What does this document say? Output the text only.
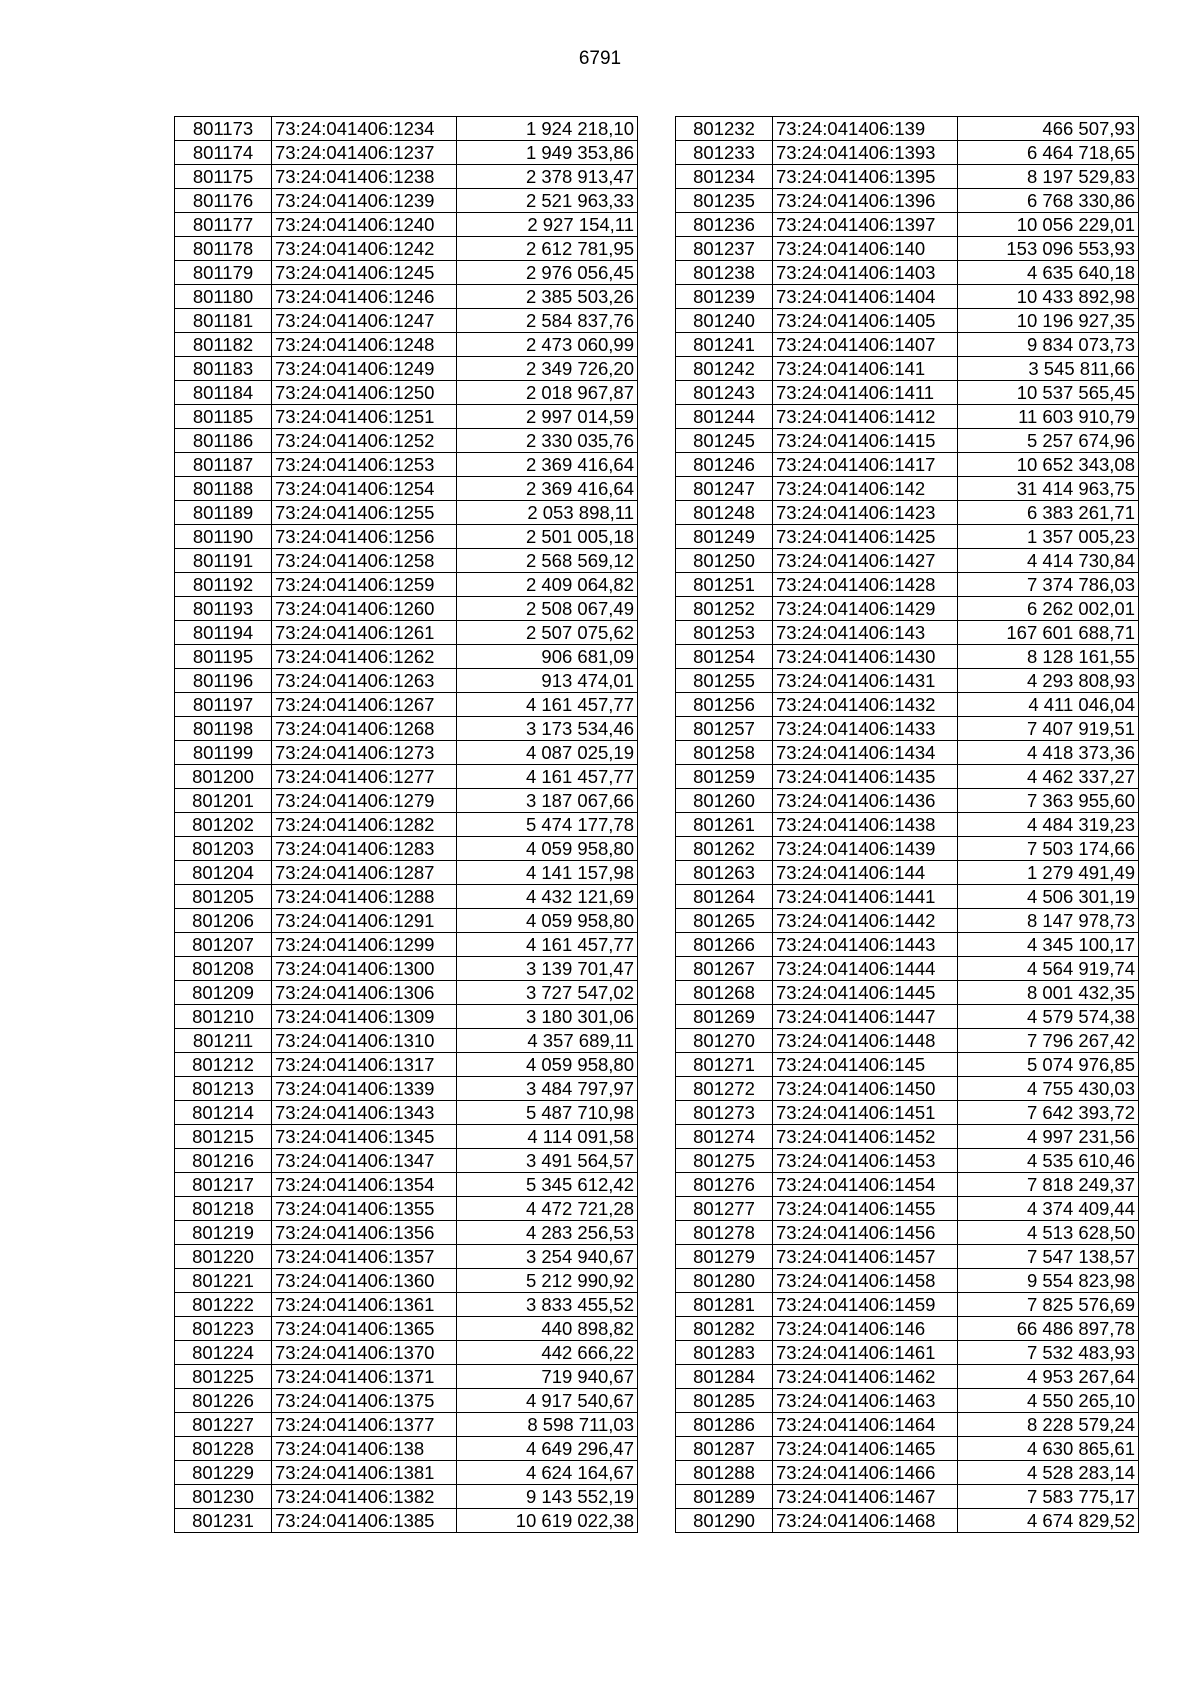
6791
801173	73:24:041406:1234	1 924 218,10
801174	73:24:041406:1237	1 949 353,86
801175	73:24:041406:1238	2 378 913,47
801176	73:24:041406:1239	2 521 963,33
801177	73:24:041406:1240	2 927 154,11
801178	73:24:041406:1242	2 612 781,95
801179	73:24:041406:1245	2 976 056,45
801180	73:24:041406:1246	2 385 503,26
801181	73:24:041406:1247	2 584 837,76
801182	73:24:041406:1248	2 473 060,99
801183	73:24:041406:1249	2 349 726,20
801184	73:24:041406:1250	2 018 967,87
801185	73:24:041406:1251	2 997 014,59
801186	73:24:041406:1252	2 330 035,76
801187	73:24:041406:1253	2 369 416,64
801188	73:24:041406:1254	2 369 416,64
801189	73:24:041406:1255	2 053 898,11
801190	73:24:041406:1256	2 501 005,18
801191	73:24:041406:1258	2 568 569,12
801192	73:24:041406:1259	2 409 064,82
801193	73:24:041406:1260	2 508 067,49
801194	73:24:041406:1261	2 507 075,62
801195	73:24:041406:1262	906 681,09
801196	73:24:041406:1263	913 474,01
801197	73:24:041406:1267	4 161 457,77
801198	73:24:041406:1268	3 173 534,46
801199	73:24:041406:1273	4 087 025,19
801200	73:24:041406:1277	4 161 457,77
801201	73:24:041406:1279	3 187 067,66
801202	73:24:041406:1282	5 474 177,78
801203	73:24:041406:1283	4 059 958,80
801204	73:24:041406:1287	4 141 157,98
801205	73:24:041406:1288	4 432 121,69
801206	73:24:041406:1291	4 059 958,80
801207	73:24:041406:1299	4 161 457,77
801208	73:24:041406:1300	3 139 701,47
801209	73:24:041406:1306	3 727 547,02
801210	73:24:041406:1309	3 180 301,06
801211	73:24:041406:1310	4 357 689,11
801212	73:24:041406:1317	4 059 958,80
801213	73:24:041406:1339	3 484 797,97
801214	73:24:041406:1343	5 487 710,98
801215	73:24:041406:1345	4 114 091,58
801216	73:24:041406:1347	3 491 564,57
801217	73:24:041406:1354	5 345 612,42
801218	73:24:041406:1355	4 472 721,28
801219	73:24:041406:1356	4 283 256,53
801220	73:24:041406:1357	3 254 940,67
801221	73:24:041406:1360	5 212 990,92
801222	73:24:041406:1361	3 833 455,52
801223	73:24:041406:1365	440 898,82
801224	73:24:041406:1370	442 666,22
801225	73:24:041406:1371	719 940,67
801226	73:24:041406:1375	4 917 540,67
801227	73:24:041406:1377	8 598 711,03
801228	73:24:041406:138	4 649 296,47
801229	73:24:041406:1381	4 624 164,67
801230	73:24:041406:1382	9 143 552,19
801231	73:24:041406:1385	10 619 022,38
801232	73:24:041406:139	466 507,93
801233	73:24:041406:1393	6 464 718,65
801234	73:24:041406:1395	8 197 529,83
801235	73:24:041406:1396	6 768 330,86
801236	73:24:041406:1397	10 056 229,01
801237	73:24:041406:140	153 096 553,93
801238	73:24:041406:1403	4 635 640,18
801239	73:24:041406:1404	10 433 892,98
801240	73:24:041406:1405	10 196 927,35
801241	73:24:041406:1407	9 834 073,73
801242	73:24:041406:141	3 545 811,66
801243	73:24:041406:1411	10 537 565,45
801244	73:24:041406:1412	11 603 910,79
801245	73:24:041406:1415	5 257 674,96
801246	73:24:041406:1417	10 652 343,08
801247	73:24:041406:142	31 414 963,75
801248	73:24:041406:1423	6 383 261,71
801249	73:24:041406:1425	1 357 005,23
801250	73:24:041406:1427	4 414 730,84
801251	73:24:041406:1428	7 374 786,03
801252	73:24:041406:1429	6 262 002,01
801253	73:24:041406:143	167 601 688,71
801254	73:24:041406:1430	8 128 161,55
801255	73:24:041406:1431	4 293 808,93
801256	73:24:041406:1432	4 411 046,04
801257	73:24:041406:1433	7 407 919,51
801258	73:24:041406:1434	4 418 373,36
801259	73:24:041406:1435	4 462 337,27
801260	73:24:041406:1436	7 363 955,60
801261	73:24:041406:1438	4 484 319,23
801262	73:24:041406:1439	7 503 174,66
801263	73:24:041406:144	1 279 491,49
801264	73:24:041406:1441	4 506 301,19
801265	73:24:041406:1442	8 147 978,73
801266	73:24:041406:1443	4 345 100,17
801267	73:24:041406:1444	4 564 919,74
801268	73:24:041406:1445	8 001 432,35
801269	73:24:041406:1447	4 579 574,38
801270	73:24:041406:1448	7 796 267,42
801271	73:24:041406:145	5 074 976,85
801272	73:24:041406:1450	4 755 430,03
801273	73:24:041406:1451	7 642 393,72
801274	73:24:041406:1452	4 997 231,56
801275	73:24:041406:1453	4 535 610,46
801276	73:24:041406:1454	7 818 249,37
801277	73:24:041406:1455	4 374 409,44
801278	73:24:041406:1456	4 513 628,50
801279	73:24:041406:1457	7 547 138,57
801280	73:24:041406:1458	9 554 823,98
801281	73:24:041406:1459	7 825 576,69
801282	73:24:041406:146	66 486 897,78
801283	73:24:041406:1461	7 532 483,93
801284	73:24:041406:1462	4 953 267,64
801285	73:24:041406:1463	4 550 265,10
801286	73:24:041406:1464	8 228 579,24
801287	73:24:041406:1465	4 630 865,61
801288	73:24:041406:1466	4 528 283,14
801289	73:24:041406:1467	7 583 775,17
801290	73:24:041406:1468	4 674 829,52
